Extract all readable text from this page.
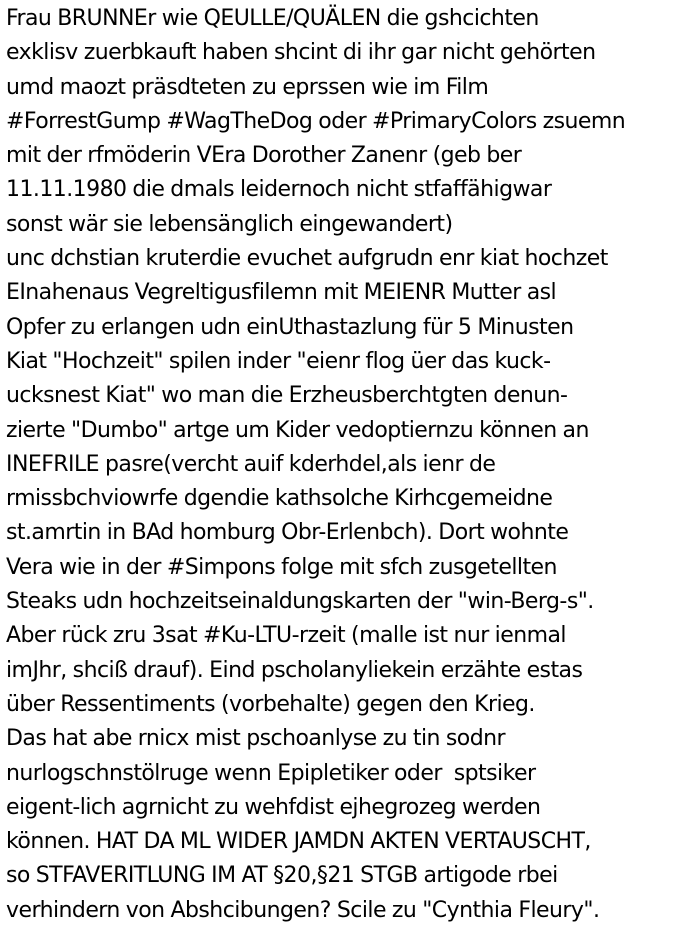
Frau BRUNNEr wie QEULLE/QUÄLEN die gshcichten
exklisv zuerbkauft haben shcint di ihr gar nicht gehörten
umd maozt präsdteten zu eprssen wie im Film
#ForrestGump #WagTheDog oder #PrimaryColors zsuemn
mit der rfmöderin VEra Dorother Zanenr (geb ber
11.11.1980 die dmals leidernoch nicht stfaffähigwar
sonst wär sie lebensänglich eingewandert)
unc dchstian kruterdie evuchet aufgrudn enr kiat hochzet
EInahenaus Vegreltigusfilemn mit MEIENR Mutter asl
Opfer zu erlangen udn einUthastazlung für 5 Minusten
Kiat "Hochzeit" spilen inder "eienr flog üer das kuck-
ucksnest Kiat" wo man die Erzheusberchtgten denun-
zierte "Dumbo" artge um Kider vedoptiernzu können an
INEFRILE pasre(vercht auif kderhdel,als ienr de
rmissbchviowrfe dgendie kathsolche Kirhcgemeidne
st.amrtin in BAd homburg Obr-Erlenbch). Dort wohnte
Vera wie in der #Simpons folge mit sfch zusgetellten
Steaks udn hochzeitseinaldungskarten der "win-Berg-s".
Aber rück zru 3sat #Ku-LTU-rzeit (malle ist nur ienmal
imJhr, shciß drauf). Eind pscholanyliekein erzähte estas
über Ressentiments (vorbehalte) gegen den Krieg.
Das hat abe rnicx mist pschoanlyse zu tin sodnr
nurlogschnstölruge wenn Epipletiker oder  sptsiker
eigent-lich agrnicht zu wehfdist ejhegrozeg werden
können. HAT DA ML WIDER JAMDN AKTEN VERTAUSCHT,
so STFAVERITLUNG IM AT §20,§21 STGB artigode rbei
verhindern von Abshcibungen? Scile zu "Cynthia Fleury".
